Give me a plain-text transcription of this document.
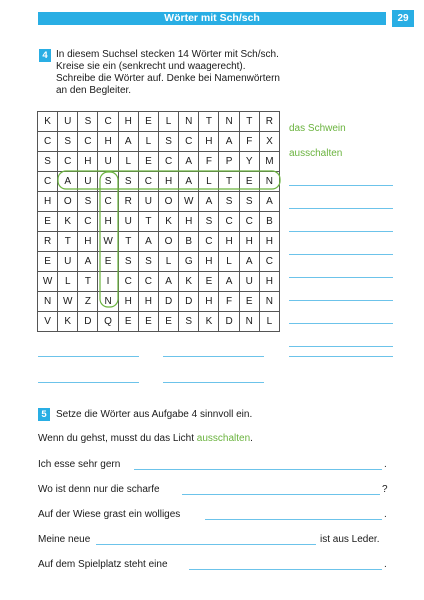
Wörter mit Sch/sch	29
4 In diesem Suchsel stecken 14 Wörter mit Sch/sch.

Kreise sie ein (senkrecht und waagerecht).

Schreibe die Wörter auf. Denke bei Namenwörtern

an den Begleiter.

K	U	S	C	H	E	L	N	T	N	T	R
C	S	C	H	A	L	S	C	H	A	F	X
S	C	H	U	L	E	C	A	F	P	Y	M
C	A	U	S	S	C	H	A	L	T	E	N
H	O	S	C	R	U	O	W	A	S	S	A
E	K	C	H	U	T	K	H	S	C	C	B
R	T	H	W	T	A	O	B	C	H	H	H
E	U	A	E	S	S	L	G	H	L	A	C
W	L	T	I	C	C	A	K	E	A	U	H
N	W	Z	N	H	H	D	D	H	F	E	N
V	K	D	Q	E	E	E	S	K	D	N	L
das Schwein
ausschalten
5 Setze die Wörter aus Aufgabe 4 sinnvoll ein.
Wenn du gehst, musst du das Licht ausschalten.
Ich esse sehr gern	.
Wo ist denn nur die scharfe	?
Auf der Wiese grast ein wolliges	.
Meine neue	ist aus Leder.
Auf dem Spielplatz steht eine	.
